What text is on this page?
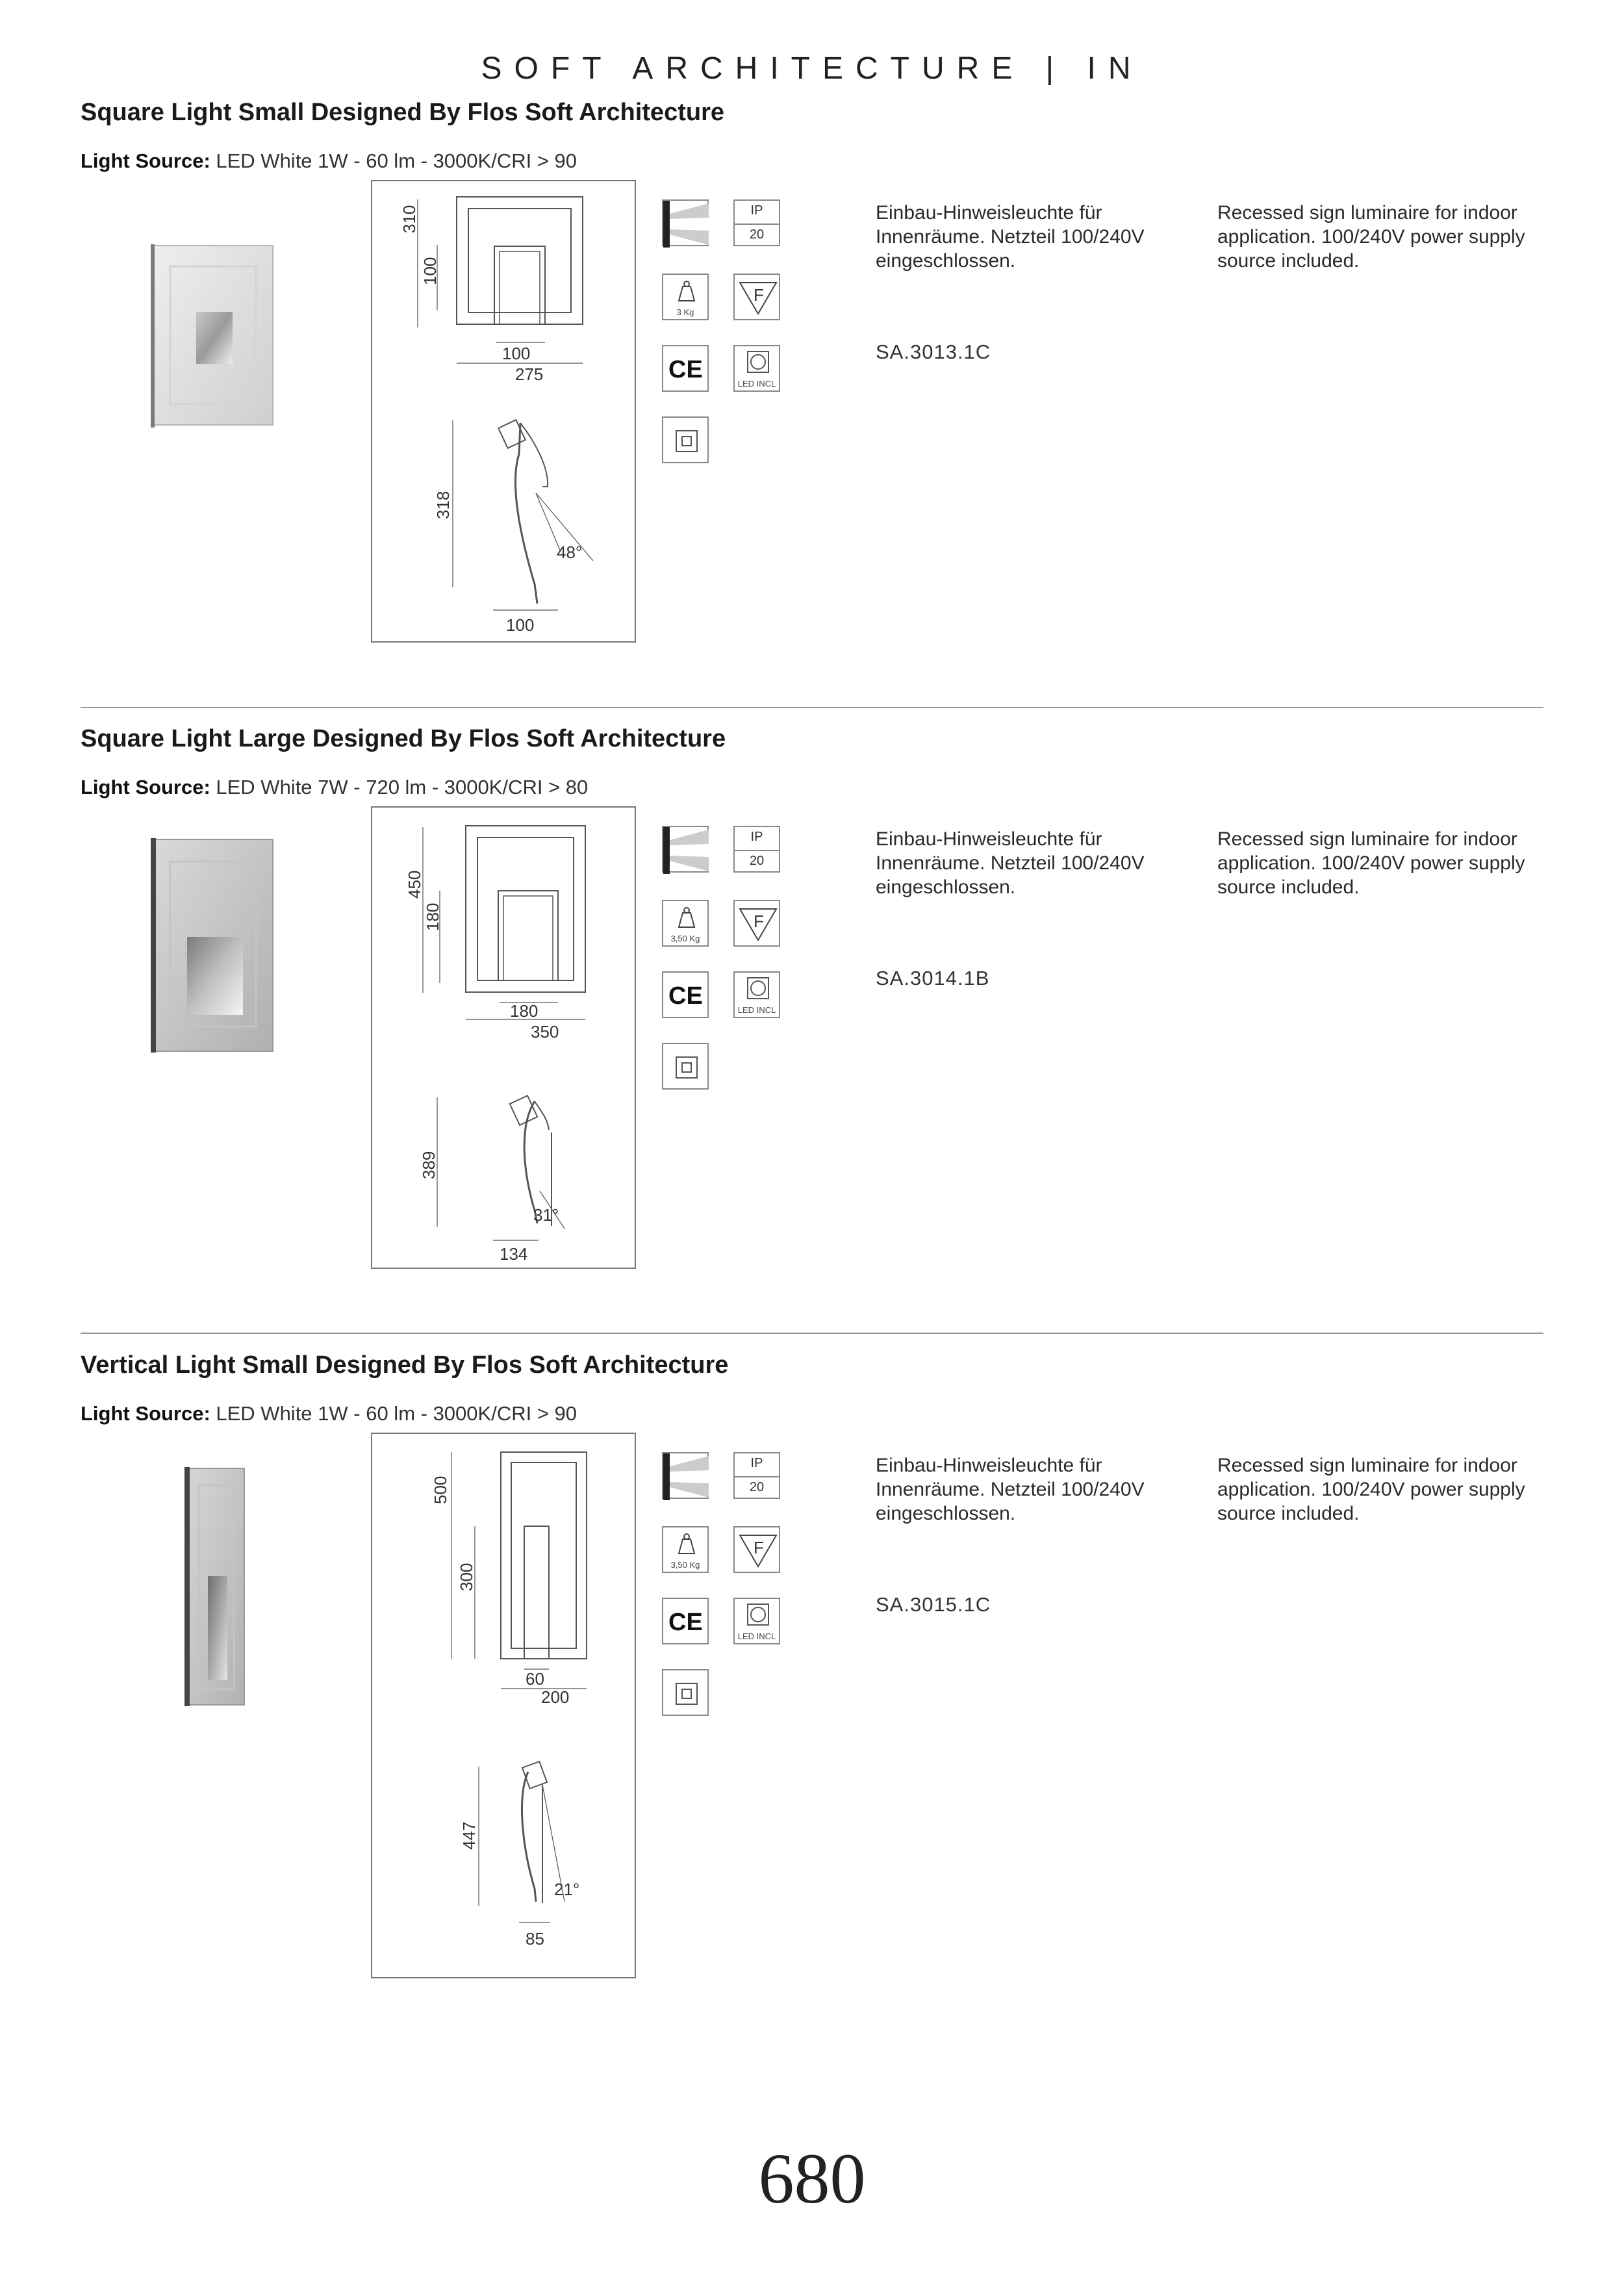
SOFT ARCHITECTURE | IN
Square Light Small Designed By Flos Soft Architecture
Light Source: LED White 1W - 60 lm - 3000K/CRI > 90
310
100
100
275
318
48°
100
IP
20
3 Kg
F
CE
LED INCL
Einbau-Hinweisleuchte für Innenräume. Netzteil 100/240V eingeschlossen.
Recessed sign luminaire for indoor application. 100/240V power supply source included.
SA.3013.1C
Square Light Large Designed By Flos Soft Architecture
Light Source: LED White 7W - 720 lm - 3000K/CRI > 80
450
180
180
350
389
31°
134
IP
20
3,50 Kg
F
CE
LED INCL
Einbau-Hinweisleuchte für Innenräume. Netzteil 100/240V eingeschlossen.
Recessed sign luminaire for indoor application. 100/240V power supply source included.
SA.3014.1B
Vertical Light Small Designed By Flos Soft Architecture
Light Source: LED White 1W - 60 lm - 3000K/CRI > 90
500
300
60
200
447
21°
85
IP
20
3,50 Kg
F
CE
LED INCL
Einbau-Hinweisleuchte für Innenräume. Netzteil 100/240V eingeschlossen.
Recessed sign luminaire for indoor application. 100/240V power supply source included.
SA.3015.1C
680
